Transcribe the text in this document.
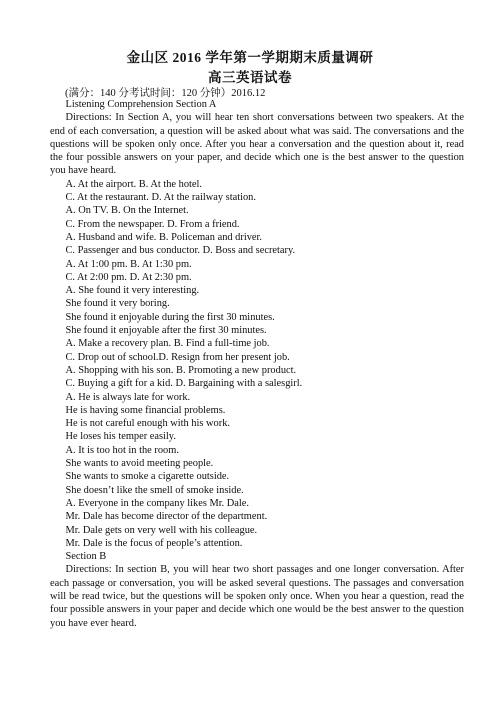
金山区 2016 学年第一学期期末质量调研
高三英语试卷
(满分：140 分考试时间：120 分钟）2016.12

Listening Comprehension Section A

Directions: In Section A, you will hear ten short conversations between two speakers. At the end of each conversation, a question will be asked about what was said. The conversations and the questions will be spoken only once. After you hear a conversation and the question about it, read the four possible answers on your paper, and decide which one is the best answer to the question you have heard.

A. At the airport. B. At the hotel.

C. At the restaurant. D. At the railway station.

A. On TV. B. On the Internet.

C. From the newspaper. D. From a friend.

A. Husband and wife. B. Policeman and driver.

C. Passenger and bus conductor. D. Boss and secretary.

A. At 1:00 pm. B. At 1:30 pm.

C. At 2:00 pm. D. At 2:30 pm.

A. She found it very interesting.

She found it very boring.

She found it enjoyable during the first 30 minutes.

She found it enjoyable after the first 30 minutes.

A. Make a recovery plan. B. Find a full-time job.

C. Drop out of school.D. Resign from her present job.

A. Shopping with his son. B. Promoting a new product.

C. Buying a gift for a kid. D. Bargaining with a salesgirl.

A. He is always late for work.

He is having some financial problems.

He is not careful enough with his work.

He loses his temper easily.

A. It is too hot in the room.

She wants to avoid meeting people.

She wants to smoke a cigarette outside.

She doesn’t like the smell of smoke inside.

A. Everyone in the company likes Mr. Dale.

Mr. Dale has become director of the department.

Mr. Dale gets on very well with his colleague.

Mr. Dale is the focus of people’s attention.

Section B

Directions: In section B, you will hear two short passages and one longer conversation. After each passage or conversation, you will be asked several questions. The passages and conversation will be read twice, but the questions will be spoken only once. When you hear a question, read the four possible answers in your paper and decide which one would be the best answer to the question you have ever heard.
